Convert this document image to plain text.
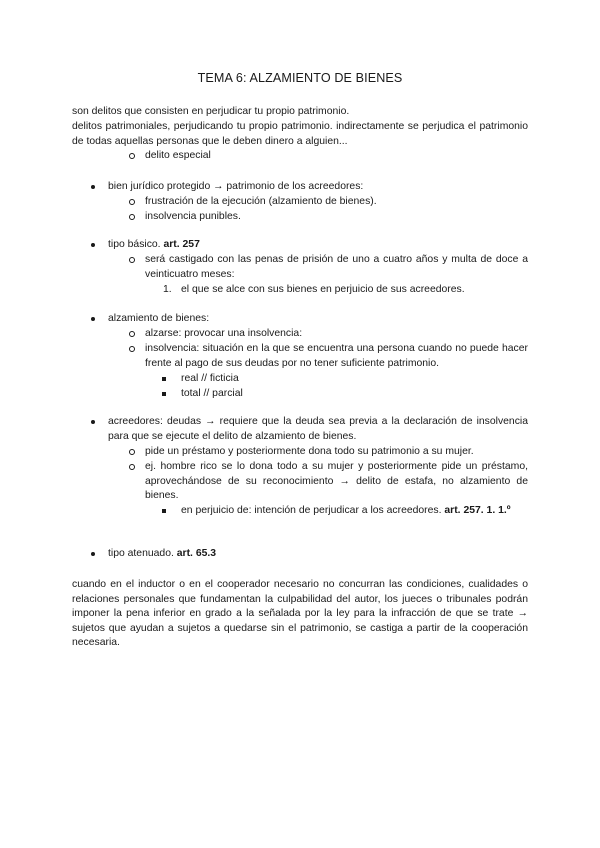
TEMA 6: ALZAMIENTO DE BIENES
son delitos que consisten en perjudicar tu propio patrimonio.
delitos patrimoniales, perjudicando tu propio patrimonio. indirectamente se perjudica el patrimonio de todas aquellas personas que le deben dinero a alguien...
delito especial
bien jurídico protegido → patrimonio de los acreedores:
frustración de la ejecución (alzamiento de bienes).
insolvencia punibles.
tipo básico. art. 257
será castigado con las penas de prisión de uno a cuatro años y multa de doce a veinticuatro meses:
1. el que se alce con sus bienes en perjuicio de sus acreedores.
alzamiento de bienes:
alzarse: provocar una insolvencia:
insolvencia: situación en la que se encuentra una persona cuando no puede hacer frente al pago de sus deudas por no tener suficiente patrimonio.
real // ficticia
total // parcial
acreedores: deudas → requiere que la deuda sea previa a la declaración de insolvencia para que se ejecute el delito de alzamiento de bienes.
pide un préstamo y posteriormente dona todo su patrimonio a su mujer.
ej. hombre rico se lo dona todo a su mujer y posteriormente pide un préstamo, aprovechándose de su reconocimiento → delito de estafa, no alzamiento de bienes.
en perjuicio de: intención de perjudicar a los acreedores. art. 257. 1. 1.º
tipo atenuado. art. 65.3
cuando en el inductor o en el cooperador necesario no concurran las condiciones, cualidades o relaciones personales que fundamentan la culpabilidad del autor, los jueces o tribunales podrán imponer la pena inferior en grado a la señalada por la ley para la infracción de que se trate → sujetos que ayudan a sujetos a quedarse sin el patrimonio, se castiga a partir de la cooperación necesaria.
